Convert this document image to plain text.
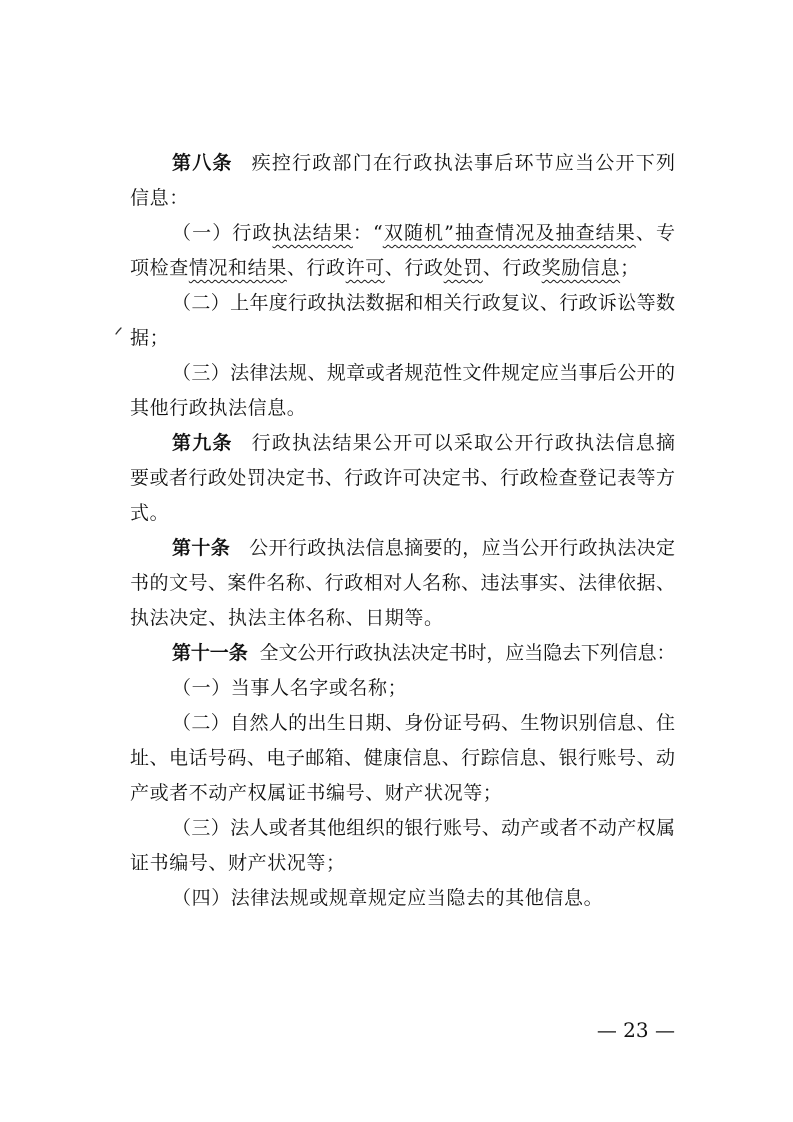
第八条 疾控行政部门在行政执法事后环节应当公开下列
信息：
（一）行政执法结果：“双随机”抽查情况及抽查结果、专
项检查情况和结果、行政许可、行政处罚、行政奖励信息；
（二）上年度行政执法数据和相关行政复议、行政诉讼等数
据；
（三）法律法规、规章或者规范性文件规定应当事后公开的
其他行政执法信息。
第九条 行政执法结果公开可以采取公开行政执法信息摘
要或者行政处罚决定书、行政许可决定书、行政检查登记表等方
式。
第十条 公开行政执法信息摘要的，应当公开行政执法决定
书的文号、案件名称、行政相对人名称、违法事实、法律依据、
执法决定、执法主体名称、日期等。
第十一条 全文公开行政执法决定书时，应当隐去下列信息：
（一）当事人名字或名称；
（二）自然人的出生日期、身份证号码、生物识别信息、住
址、电话号码、电子邮箱、健康信息、行踪信息、银行账号、动
产或者不动产权属证书编号、财产状况等；
（三）法人或者其他组织的银行账号、动产或者不动产权属
证书编号、财产状况等；
（四）法律法规或规章规定应当隐去的其他信息。
— 23 —
